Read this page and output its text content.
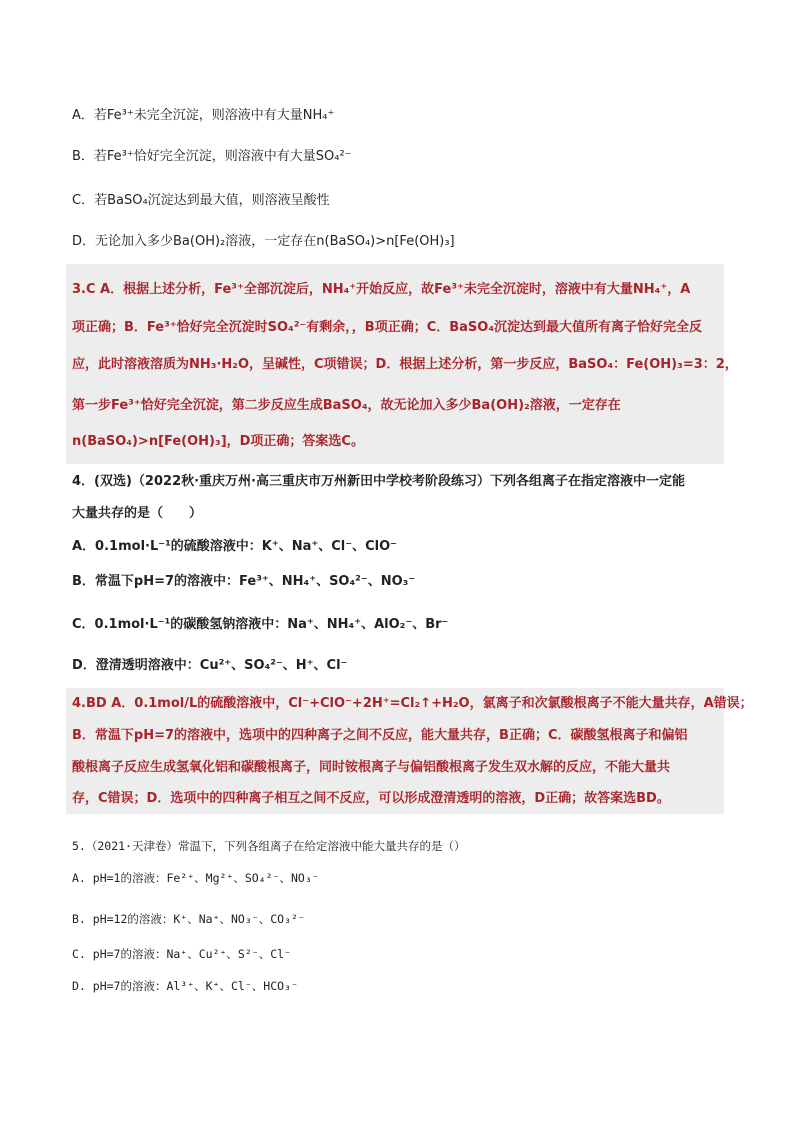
A．若Fe³⁺未完全沉淀，则溶液中有大量NH₄⁺
B．若Fe³⁺恰好完全沉淀，则溶液中有大量SO₄²⁻
C．若BaSO₄沉淀达到最大值，则溶液呈酸性
D．无论加入多少Ba(OH)₂溶液，一定存在n(BaSO₄)>n[Fe(OH)₃]
3.C A．根据上述分析，Fe³⁺全部沉淀后，NH₄⁺开始反应，故Fe³⁺未完全沉淀时，溶液中有大量NH₄⁺，A
项正确；B．Fe³⁺恰好完全沉淀时SO₄²⁻有剩余，，B项正确；C．BaSO₄沉淀达到最大值所有离子恰好完全反
应，此时溶液溶质为NH₃·H₂O，呈碱性，C项错误；D．根据上述分析，第一步反应，BaSO₄：Fe(OH)₃=3：2，
第一步Fe³⁺恰好完全沉淀，第二步反应生成BaSO₄，故无论加入多少Ba(OH)₂溶液，一定存在
n(BaSO₄)>n[Fe(OH)₃]，D项正确；答案选C。
4．(双选)（2022秋·重庆万州·高三重庆市万州新田中学校考阶段练习）下列各组离子在指定溶液中一定能
大量共存的是（　　）
A．0.1mol·L⁻¹的硫酸溶液中：K⁺、Na⁺、Cl⁻、ClO⁻
B．常温下pH=7的溶液中：Fe³⁺、NH₄⁺、SO₄²⁻、NO₃⁻
C．0.1mol·L⁻¹的碳酸氢钠溶液中：Na⁺、NH₄⁺、AlO₂⁻、Br⁻
D．澄清透明溶液中：Cu²⁺、SO₄²⁻、H⁺、Cl⁻
4.BD A．0.1mol/L的硫酸溶液中，Cl⁻+ClO⁻+2H⁺=Cl₂↑+H₂O，氯离子和次氯酸根离子不能大量共存，A错误；
B．常温下pH=7的溶液中，选项中的四种离子之间不反应，能大量共存，B正确；C．碳酸氢根离子和偏铝
酸根离子反应生成氢氧化铝和碳酸根离子，同时铵根离子与偏铝酸根离子发生双水解的反应，不能大量共
存，C错误；D．选项中的四种离子相互之间不反应，可以形成澄清透明的溶液，D正确；故答案选BD。
5.（2021·天津卷）常温下，下列各组离子在给定溶液中能大量共存的是（）
A. pH=1的溶液：Fe²⁺、Mg²⁺、SO₄²⁻、NO₃⁻
B. pH=12的溶液：K⁺、Na⁺、NO₃⁻、CO₃²⁻
C. pH=7的溶液：Na⁺、Cu²⁺、S²⁻、Cl⁻
D. pH=7的溶液：Al³⁺、K⁺、Cl⁻、HCO₃⁻
